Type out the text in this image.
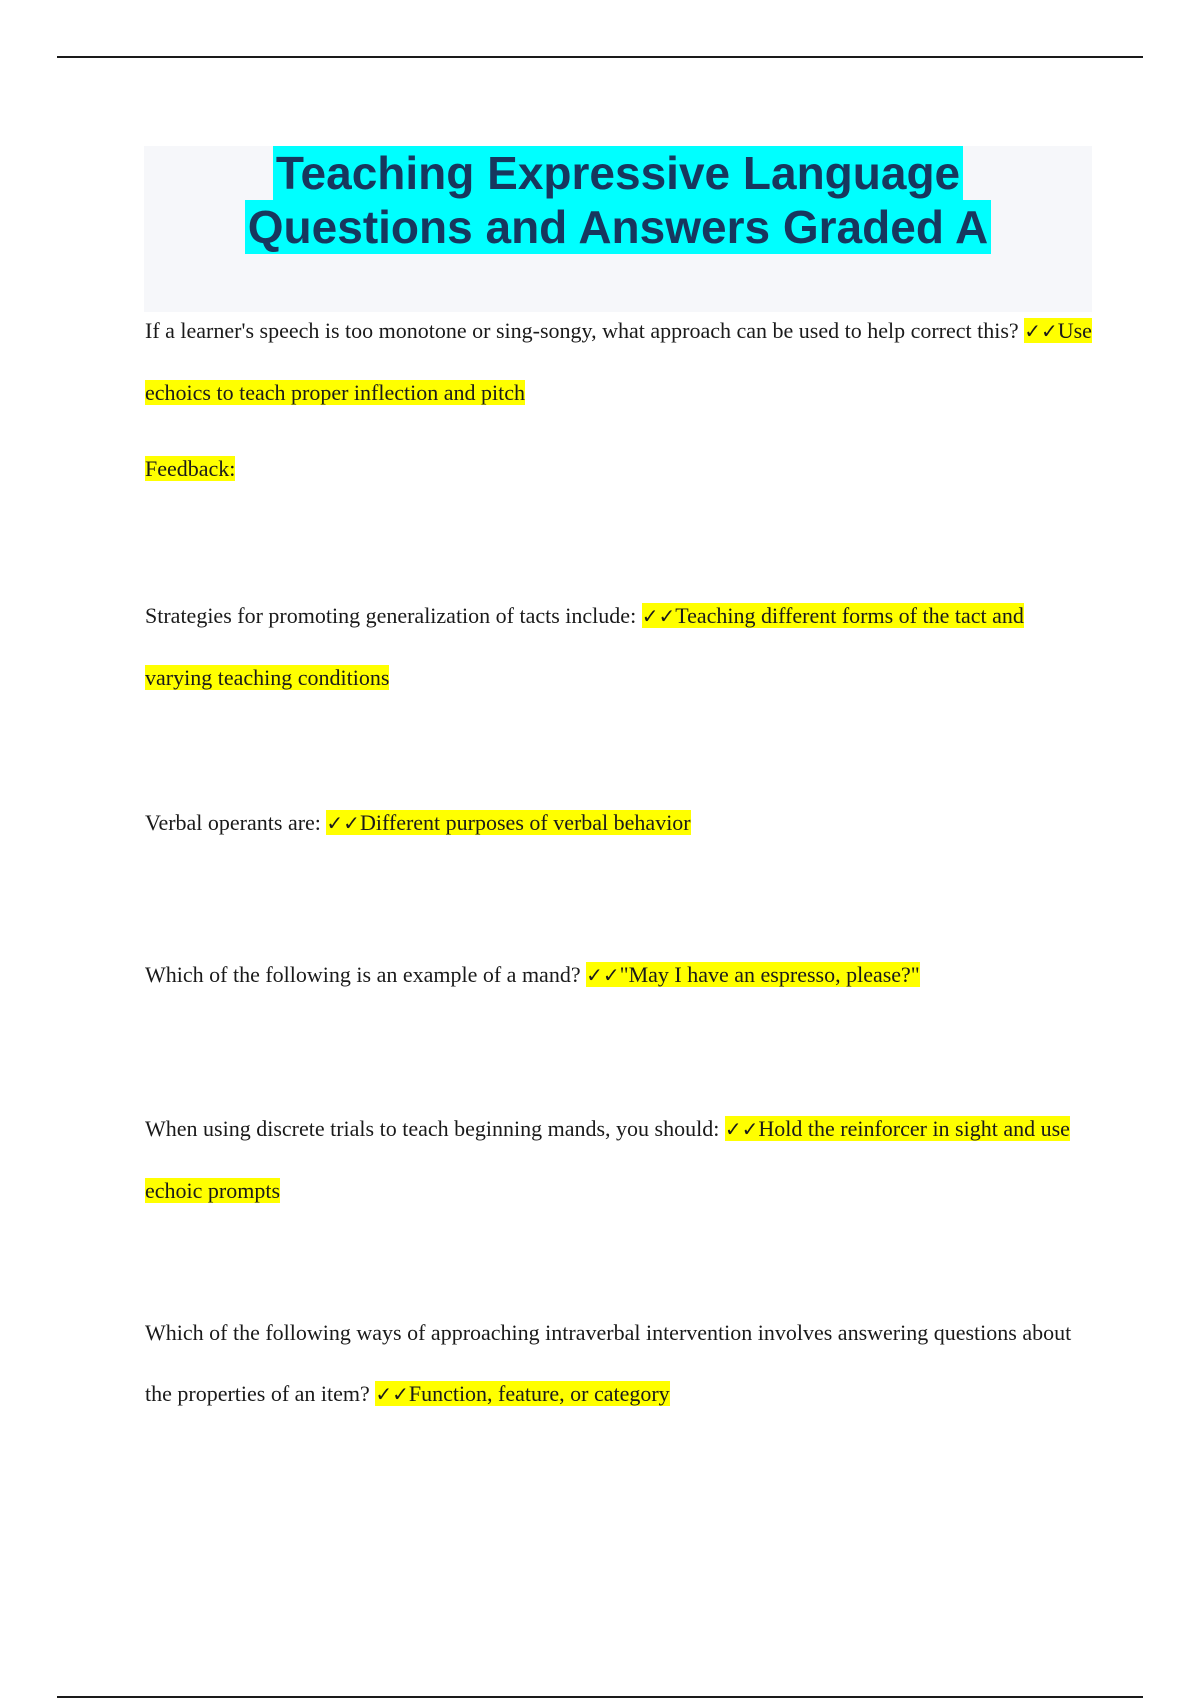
Teaching Expressive Language
Questions and Answers Graded A
If a learner's speech is too monotone or sing-songy, what approach can be used to help correct this? ✓✓Use echoics to teach proper inflection and pitch
Feedback:
Strategies for promoting generalization of tacts include: ✓✓Teaching different forms of the tact and varying teaching conditions
Verbal operants are: ✓✓Different purposes of verbal behavior
Which of the following is an example of a mand? ✓✓"May I have an espresso, please?"
When using discrete trials to teach beginning mands, you should: ✓✓Hold the reinforcer in sight and use echoic prompts
Which of the following ways of approaching intraverbal intervention involves answering questions about the properties of an item? ✓✓Function, feature, or category
